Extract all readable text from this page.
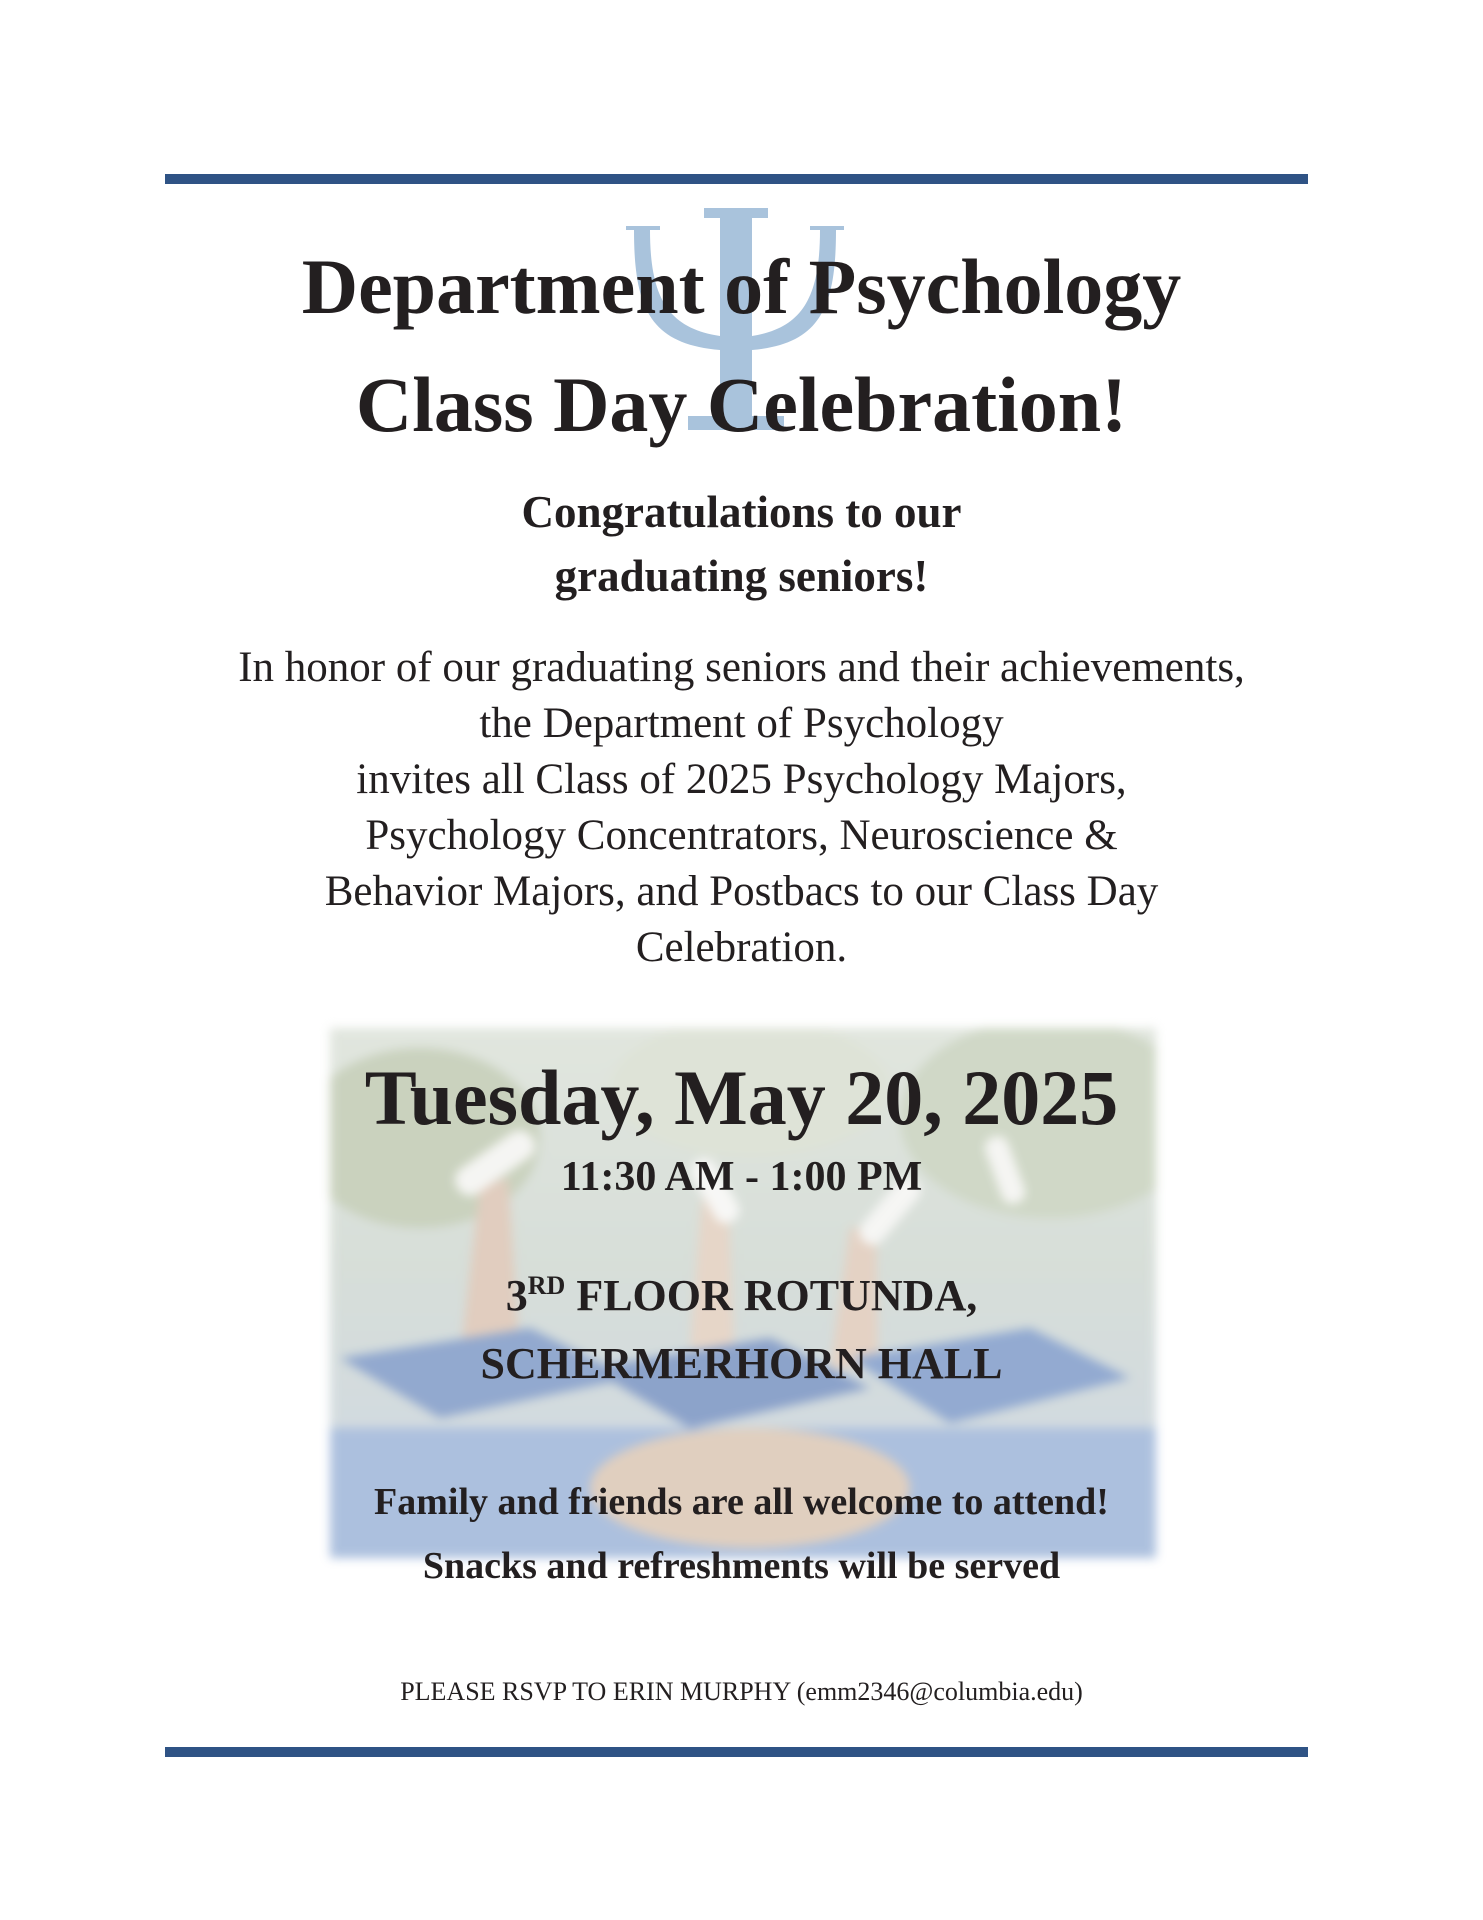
Department of Psychology
Class Day Celebration!
Congratulations to our
graduating seniors!
In honor of our graduating seniors and their achievements,
the Department of Psychology
invites all Class of 2025 Psychology Majors,
Psychology Concentrators, Neuroscience &
Behavior Majors, and Postbacs to our Class Day
Celebration.
Tuesday, May 20, 2025
11:30 AM - 1:00 PM
3RD FLOOR ROTUNDA,
SCHERMERHORN HALL
Family and friends are all welcome to attend!
Snacks and refreshments will be served
PLEASE RSVP TO ERIN MURPHY (emm2346@columbia.edu)
